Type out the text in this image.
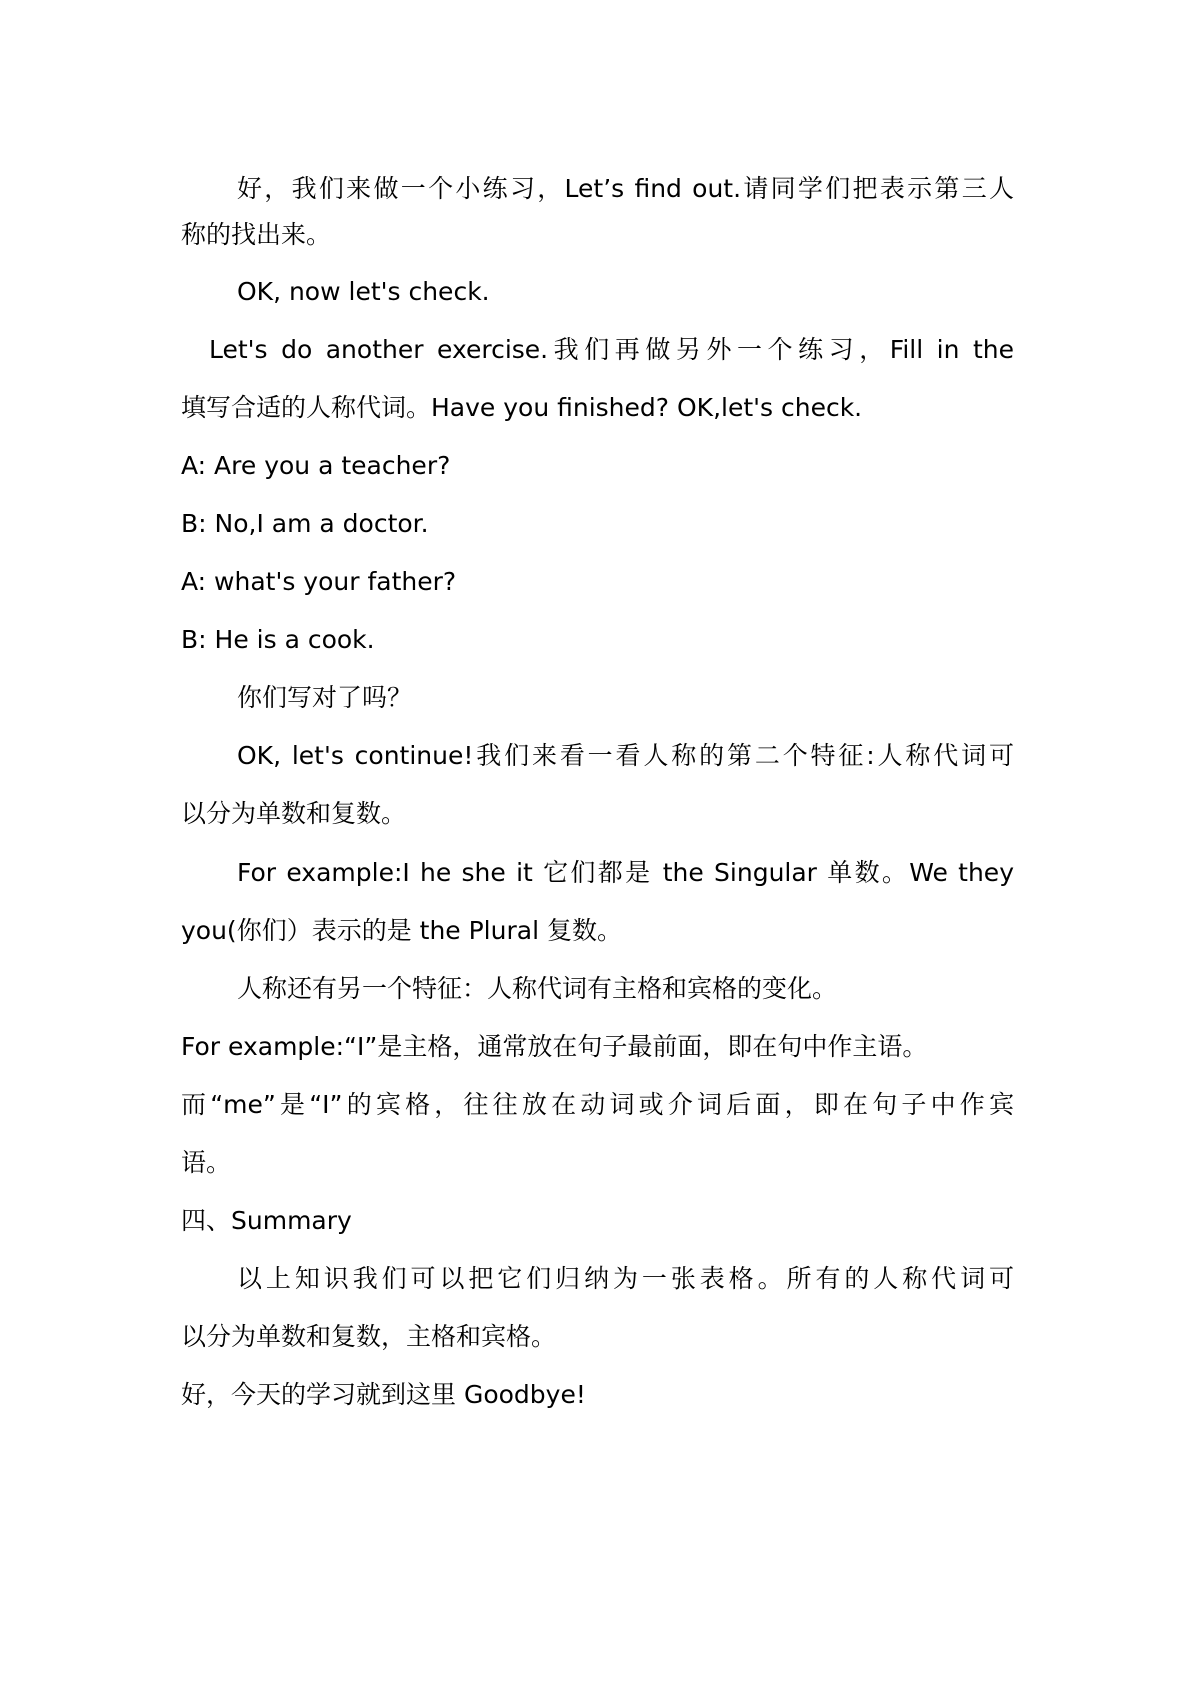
好，我们来做一个小练习，Let’s find out.请同学们把表示第三人
称的找出来。
OK, now let's check.
Let's do another exercise.我们再做另外一个练习，Fill in the
填写合适的人称代词。Have you finished? OK,let's check.
A: Are you a teacher?
B: No,I am a doctor.
A: what's your father?
B: He is a cook.
你们写对了吗？
OK, let's continue!我们来看一看人称的第二个特征:人称代词可
以分为单数和复数。
For example:I he she it 它们都是 the Singular 单数。We they
you(你们）表示的是 the Plural 复数。
人称还有另一个特征：人称代词有主格和宾格的变化。
For example:“I”是主格，通常放在句子最前面，即在句中作主语。
而“me”是“I”的宾格，往往放在动词或介词后面，即在句子中作宾
语。
四、Summary
以上知识我们可以把它们归纳为一张表格。所有的人称代词可
以分为单数和复数，主格和宾格。
好，今天的学习就到这里 Goodbye!
